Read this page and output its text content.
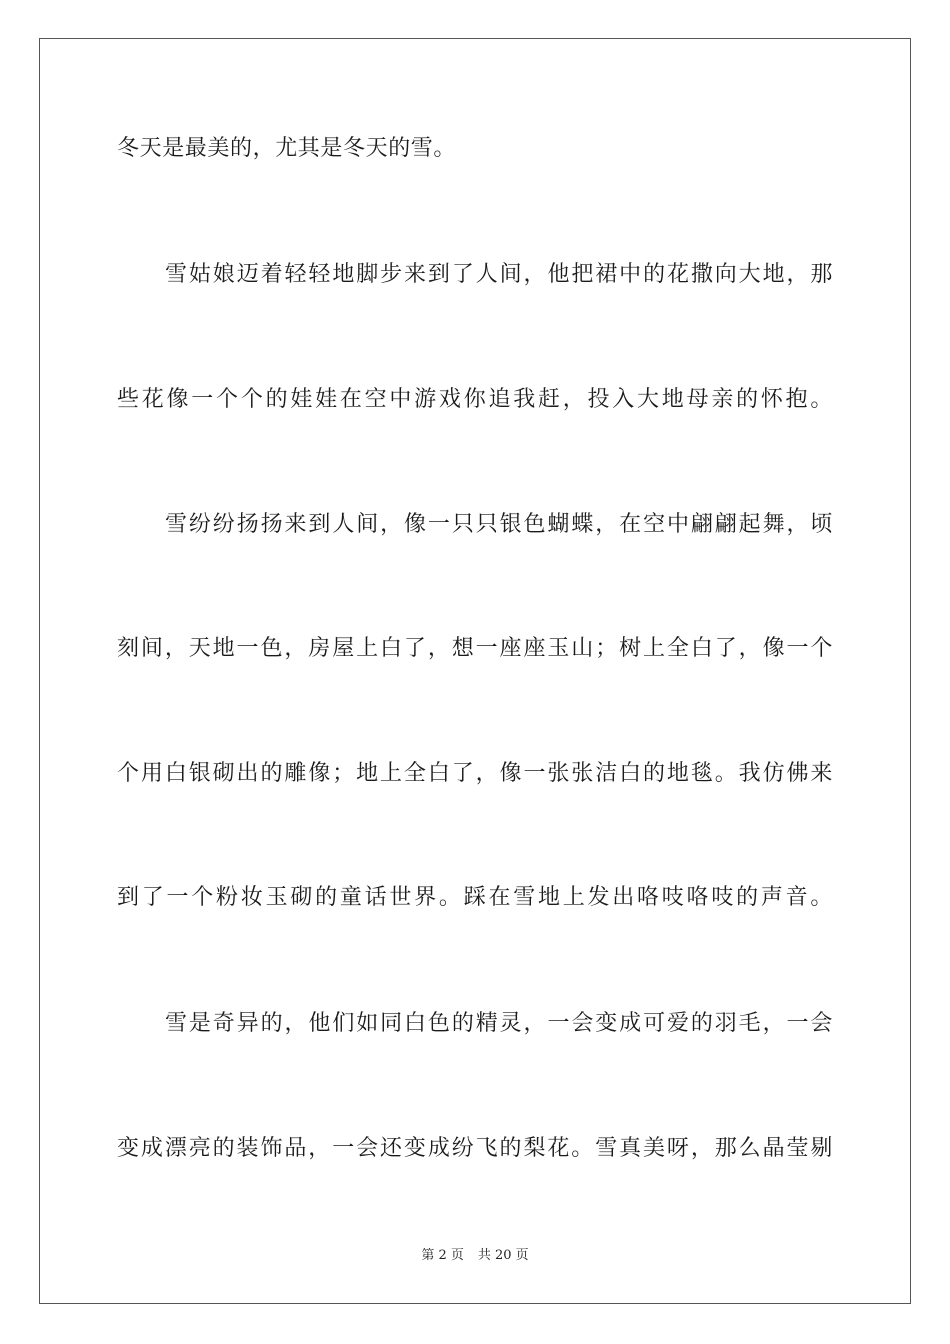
冬天是最美的，尤其是冬天的雪。
雪姑娘迈着轻轻地脚步来到了人间，他把裙中的花撒向大地，那
些花像一个个的娃娃在空中游戏你追我赶，投入大地母亲的怀抱。
雪纷纷扬扬来到人间，像一只只银色蝴蝶，在空中翩翩起舞，顷
刻间，天地一色，房屋上白了，想一座座玉山；树上全白了，像一个
个用白银砌出的雕像；地上全白了，像一张张洁白的地毯。我仿佛来
到了一个粉妆玉砌的童话世界。踩在雪地上发出咯吱咯吱的声音。
雪是奇异的，他们如同白色的精灵，一会变成可爱的羽毛，一会
变成漂亮的装饰品，一会还变成纷飞的梨花。雪真美呀，那么晶莹剔
第 2 页 共 20 页
